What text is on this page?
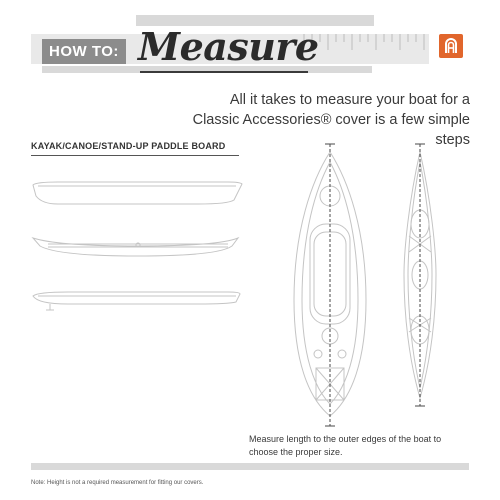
HOW TO: Measure
All it takes to measure your boat for a
Classic Accessories® cover is a few simple steps
KAYAK/CANOE/STAND-UP PADDLE BOARD
Measure length to the outer edges of the boat to
choose the proper size.
Note: Height is not a required measurement for fitting our covers.
